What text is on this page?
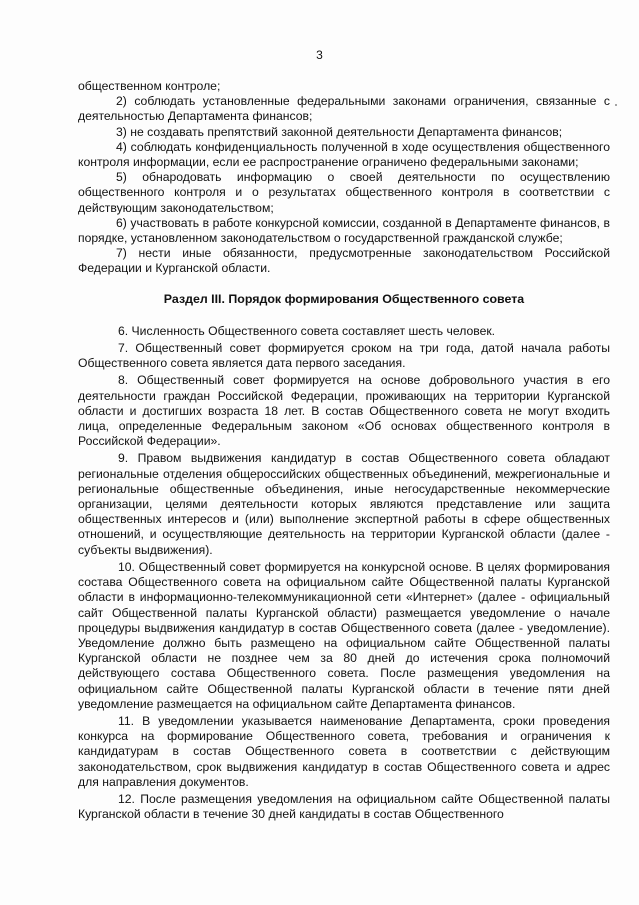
3

общественном контроле;

2) соблюдать установленные федеральными законами ограничения, связанные с деятельностью Департамента финансов;

3) не создавать препятствий законной деятельности Департамента финансов;

4) соблюдать конфиденциальность полученной в ходе осуществления общественного контроля информации, если ее распространение ограничено федеральными законами;

5) обнародовать информацию о своей деятельности по осуществлению общественного контроля и о результатах общественного контроля в соответствии с действующим законодательством;

6) участвовать в работе конкурсной комиссии, созданной в Департаменте финансов, в порядке, установленном законодательством о государственной гражданской службе;

7) нести иные обязанности, предусмотренные законодательством Российской Федерации и Курганской области.

Раздел III. Порядок формирования Общественного совета

6. Численность Общественного совета составляет шесть человек.

7. Общественный совет формируется сроком на три года, датой начала работы Общественного совета является дата первого заседания.

8. Общественный совет формируется на основе добровольного участия в его деятельности граждан Российской Федерации, проживающих на территории Курганской области и достигших возраста 18 лет. В состав Общественного совета не могут входить лица, определенные Федеральным законом «Об основах общественного контроля в Российской Федерации».

9. Правом выдвижения кандидатур в состав Общественного совета обладают региональные отделения общероссийских общественных объединений, межрегиональные и региональные общественные объединения, иные негосударственные некоммерческие организации, целями деятельности которых являются представление или защита общественных интересов и (или) выполнение экспертной работы в сфере общественных отношений, и осуществляющие деятельность на территории Курганской области (далее - субъекты выдвижения).

10. Общественный совет формируется на конкурсной основе. В целях формирования состава Общественного совета на официальном сайте Общественной палаты Курганской области в информационно-телекоммуникационной сети «Интернет» (далее - официальный сайт Общественной палаты Курганской области) размещается уведомление о начале процедуры выдвижения кандидатур в состав Общественного совета (далее - уведомление). Уведомление должно быть размещено на официальном сайте Общественной палаты Курганской области не позднее чем за 80 дней до истечения срока полномочий действующего состава Общественного совета. После размещения уведомления на официальном сайте Общественной палаты Курганской области в течение пяти дней уведомление размещается на официальном сайте Департамента финансов.

11. В уведомлении указывается наименование Департамента, сроки проведения конкурса на формирование Общественного совета, требования и ограничения к кандидатурам в состав Общественного совета в соответствии с действующим законодательством, срок выдвижения кандидатур в состав Общественного совета и адрес для направления документов.

12. После размещения уведомления на официальном сайте Общественной палаты Курганской области в течение 30 дней кандидаты в состав Общественного
